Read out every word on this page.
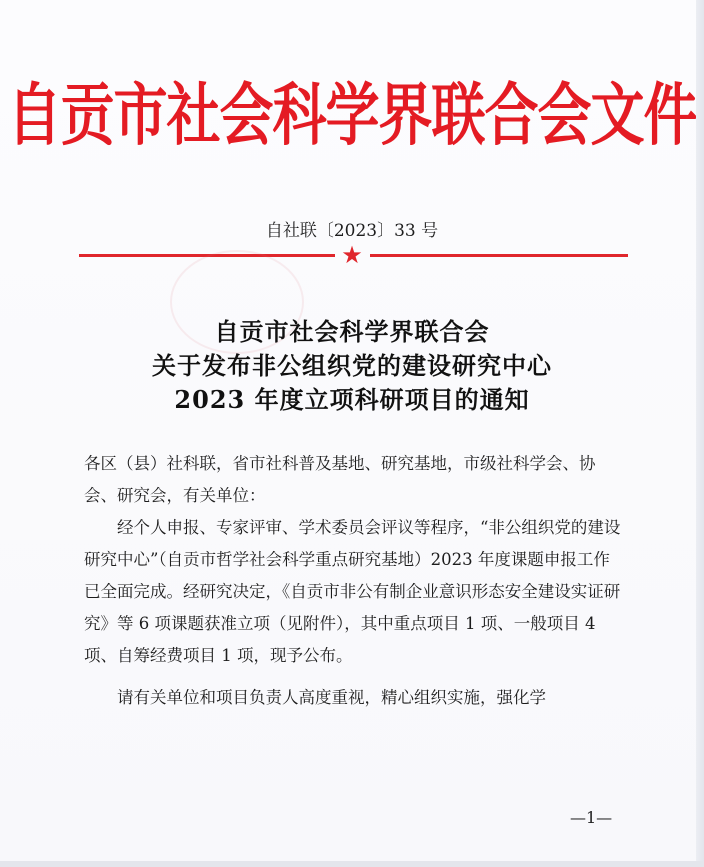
自贡市社会科学界联合会文件
自社联〔2023〕33 号
★
自贡市社会科学界联合会
关于发布非公组织党的建设研究中心
2023 年度立项科研项目的通知

各区（县）社科联，省市社科普及基地、研究基地，市级社科学会、协会、研究会，有关单位：

经个人申报、专家评审、学术委员会评议等程序，“非公组织党的建设研究中心”（自贡市哲学社会科学重点研究基地）2023 年度课题申报工作已全面完成。经研究决定，《自贡市非公有制企业意识形态安全建设实证研究》等 6 项课题获准立项（见附件），其中重点项目 1 项、一般项目 4 项、自筹经费项目 1 项，现予公布。

请有关单位和项目负责人高度重视，精心组织实施，强化学

—1—
